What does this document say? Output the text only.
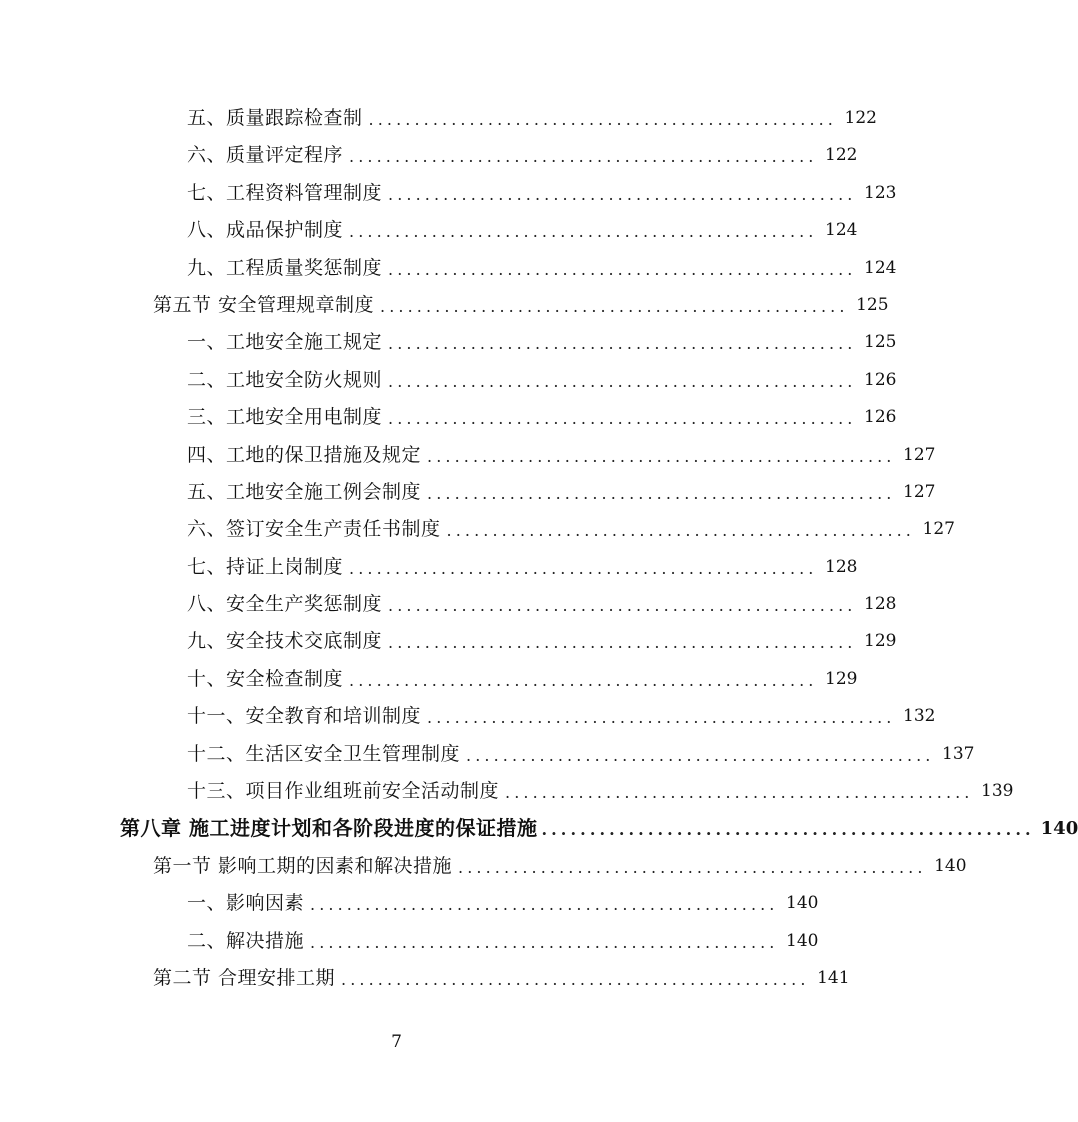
五、质量跟踪检查制 ................................................... 122
六、质量评定程序 ................................................... 122
七、工程资料管理制度 ................................................... 123
八、成品保护制度 ................................................... 124
九、工程质量奖惩制度 ................................................... 124
第五节 安全管理规章制度 ................................................... 125
一、工地安全施工规定 ................................................... 125
二、工地安全防火规则 ................................................... 126
三、工地安全用电制度 ................................................... 126
四、工地的保卫措施及规定 ................................................... 127
五、工地安全施工例会制度 ................................................... 127
六、签订安全生产责任书制度 ................................................... 127
七、持证上岗制度 ................................................... 128
八、安全生产奖惩制度 ................................................... 128
九、安全技术交底制度 ................................................... 129
十、安全检查制度 ................................................... 129
十一、安全教育和培训制度 ................................................... 132
十二、生活区安全卫生管理制度 ................................................... 137
十三、项目作业组班前安全活动制度 ................................................... 139
第八章 施工进度计划和各阶段进度的保证措施 ................................................... 140
第一节 影响工期的因素和解决措施 ................................................... 140
一、影响因素 ................................................... 140
二、解决措施 ................................................... 140
第二节 合理安排工期 ................................................... 141
7
